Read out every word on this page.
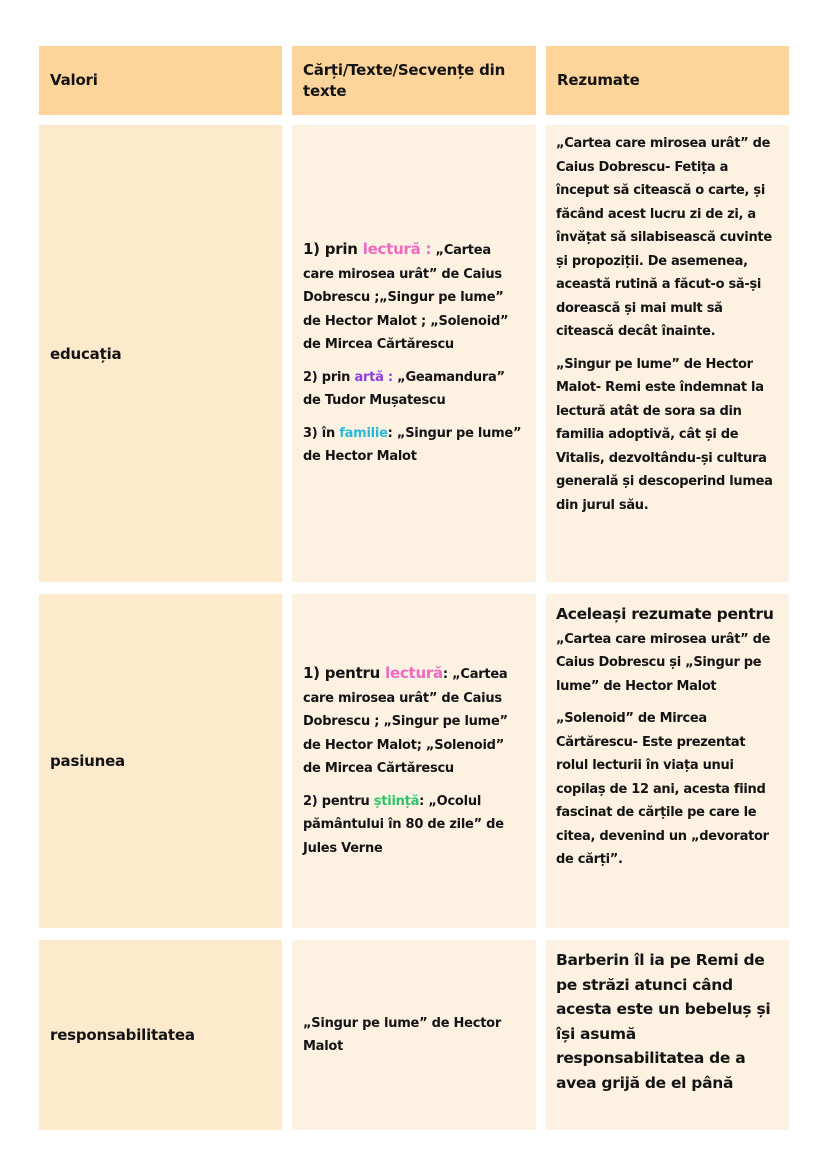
Valori
Cărți/Texte/Secvențe din texte
Rezumate
educația

1) prin lectură : „Cartea care mirosea urât” de Caius Dobrescu ;„Singur pe lume” de Hector Malot ; „Solenoid” de Mircea Cărtărescu

2) prin artă : „Geamandura” de Tudor Mușatescu

3) în familie: „Singur pe lume” de Hector Malot

„Cartea care mirosea urât” de Caius Dobrescu- Fetița a început să citească o carte, și făcând acest lucru zi de zi, a învățat să silabisească cuvinte și propoziții. De asemenea, această rutină a făcut-o să-și dorească și mai mult să citească decât înainte.

„Singur pe lume” de Hector Malot- Remi este îndemnat la lectură atât de sora sa din familia adoptivă, cât și de Vitalis, dezvoltându-și cultura generală și descoperind lumea din jurul său.

pasiunea

1) pentru lectură: „Cartea care mirosea urât” de Caius Dobrescu ; „Singur pe lume” de Hector Malot; „Solenoid” de Mircea Cărtărescu

2) pentru știință: „Ocolul pământului în 80 de zile” de Jules Verne

Aceleași rezumate pentru
„Cartea care mirosea urât” de Caius Dobrescu și „Singur pe lume” de Hector Malot

„Solenoid” de Mircea Cărtărescu- Este prezentat rolul lecturii în viața unui copilaș de 12 ani, acesta fiind fascinat de cărțile pe care le citea, devenind un „devorator de cărți”.

responsabilitatea

„Singur pe lume” de Hector Malot

Barberin îl ia pe Remi de pe străzi atunci când acesta este un bebeluș și își asumă responsabilitatea de a avea grijă de el până
